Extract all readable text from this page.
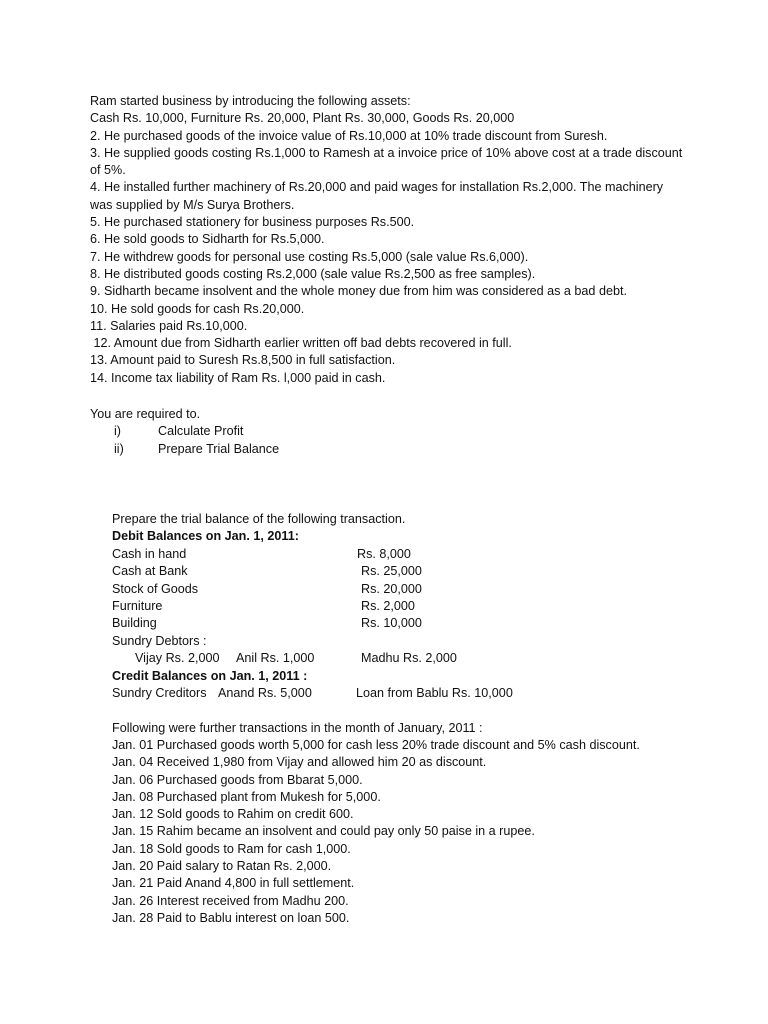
Ram started business by introducing the following assets:
Cash Rs. 10,000, Furniture Rs. 20,000, Plant Rs. 30,000, Goods Rs. 20,000
2. He purchased goods of the invoice value of Rs.10,000 at 10% trade discount from Suresh.
3. He supplied goods costing Rs.1,000 to Ramesh at a invoice price of 10% above cost at a trade discount
of 5%.
4. He installed further machinery of Rs.20,000 and paid wages for installation Rs.2,000. The machinery
was supplied by M/s Surya Brothers.
5. He purchased stationery for business purposes Rs.500.
6. He sold goods to Sidharth for Rs.5,000.
7. He withdrew goods for personal use costing Rs.5,000 (sale value Rs.6,000).
8. He distributed goods costing Rs.2,000 (sale value Rs.2,500 as free samples).
9. Sidharth became insolvent and the whole money due from him was considered as a bad debt.
10. He sold goods for cash Rs.20,000.
11. Salaries paid Rs.10,000.
12. Amount due from Sidharth earlier written off bad debts recovered in full.
13. Amount paid to Suresh Rs.8,500 in full satisfaction.
14. Income tax liability of Ram Rs. l,000 paid in cash.
You are required to.
i)	Calculate Profit
ii)	Prepare Trial Balance
Prepare the trial balance of the following transaction.
Debit Balances on Jan. 1, 2011:
Cash in hand	Rs. 8,000
Cash at Bank	Rs. 25,000
Stock of Goods	Rs. 20,000
Furniture	Rs. 2,000
Building	Rs. 10,000
Sundry Debtors :
Vijay Rs. 2,000 Anil Rs. 1,000	Madhu Rs. 2,000
Credit Balances on Jan. 1, 2011 :
Sundry Creditors Anand Rs. 5,000	Loan from Bablu Rs. 10,000
Following were further transactions in the month of January, 2011 :
Jan. 01 Purchased goods worth 5,000 for cash less 20% trade discount and 5% cash discount.
Jan. 04 Received 1,980 from Vijay and allowed him 20 as discount.
Jan. 06 Purchased goods from Bbarat 5,000.
Jan. 08 Purchased plant from Mukesh for 5,000.
Jan. 12 Sold goods to Rahim on credit 600.
Jan. 15 Rahim became an insolvent and could pay only 50 paise in a rupee.
Jan. 18 Sold goods to Ram for cash 1,000.
Jan. 20 Paid salary to Ratan Rs. 2,000.
Jan. 21 Paid Anand 4,800 in full settlement.
Jan. 26 Interest received from Madhu 200.
Jan. 28 Paid to Bablu interest on loan 500.
